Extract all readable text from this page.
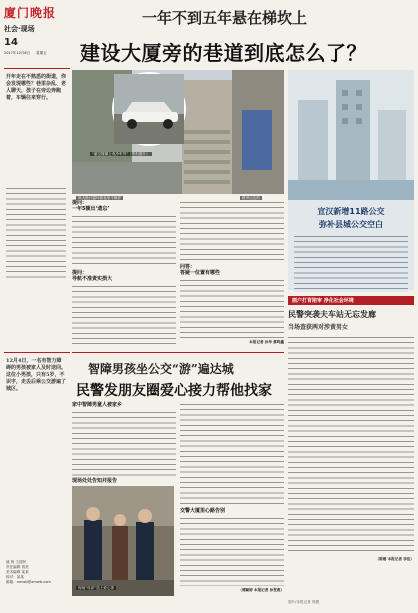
廈门晚报
社会·现场
14
2017年12月8日 星期五
一年不到五年悬在梯坎上
建设大厦旁的巷道到底怎么了？
开年走在不熟悉的街道，你会发现哪些？巷里杂乱、老人聊天，孩子在旁边奔跑着，车辆往来穿行。
“悬空楼梯上有冷车外”（资料图片）
挑大路只腐坏被表形不像样	路旁边边的
提问：
一年5额出‘遗忘’
提问：
导航不准责实损大
问答：
答疑一位置有哪些
本报记者 孙华 蔡鸣鑫
宣汉新增11路公交
弥补县城公交空白
画户打育陪审 净化社会环境
民警突袭夫车站无忘发廊
当场查获两对涉黄男女
（陈楷 本报记者 李佳）
智障男孩坐公交“游”遍达城
民警发朋友圈爱心接力帮他找家
家中智障男童人被家乡
现场处处告知并报告
现场“母亲”送上爱心茶
交警大厦里心路告别
（傅颖婷 本报记者 孙雯燕）
12月4日，一名有智力障碍的男孩被家人及时送回。这位小男孩，只有5岁，不识字，走丢后乘公交游遍了城区。
值 班 王德民
责任编辑 钱美
美术编辑 某某
校对：某某
邮箱：xmwb@xmwb.com
图片/本报记者 郭俊
